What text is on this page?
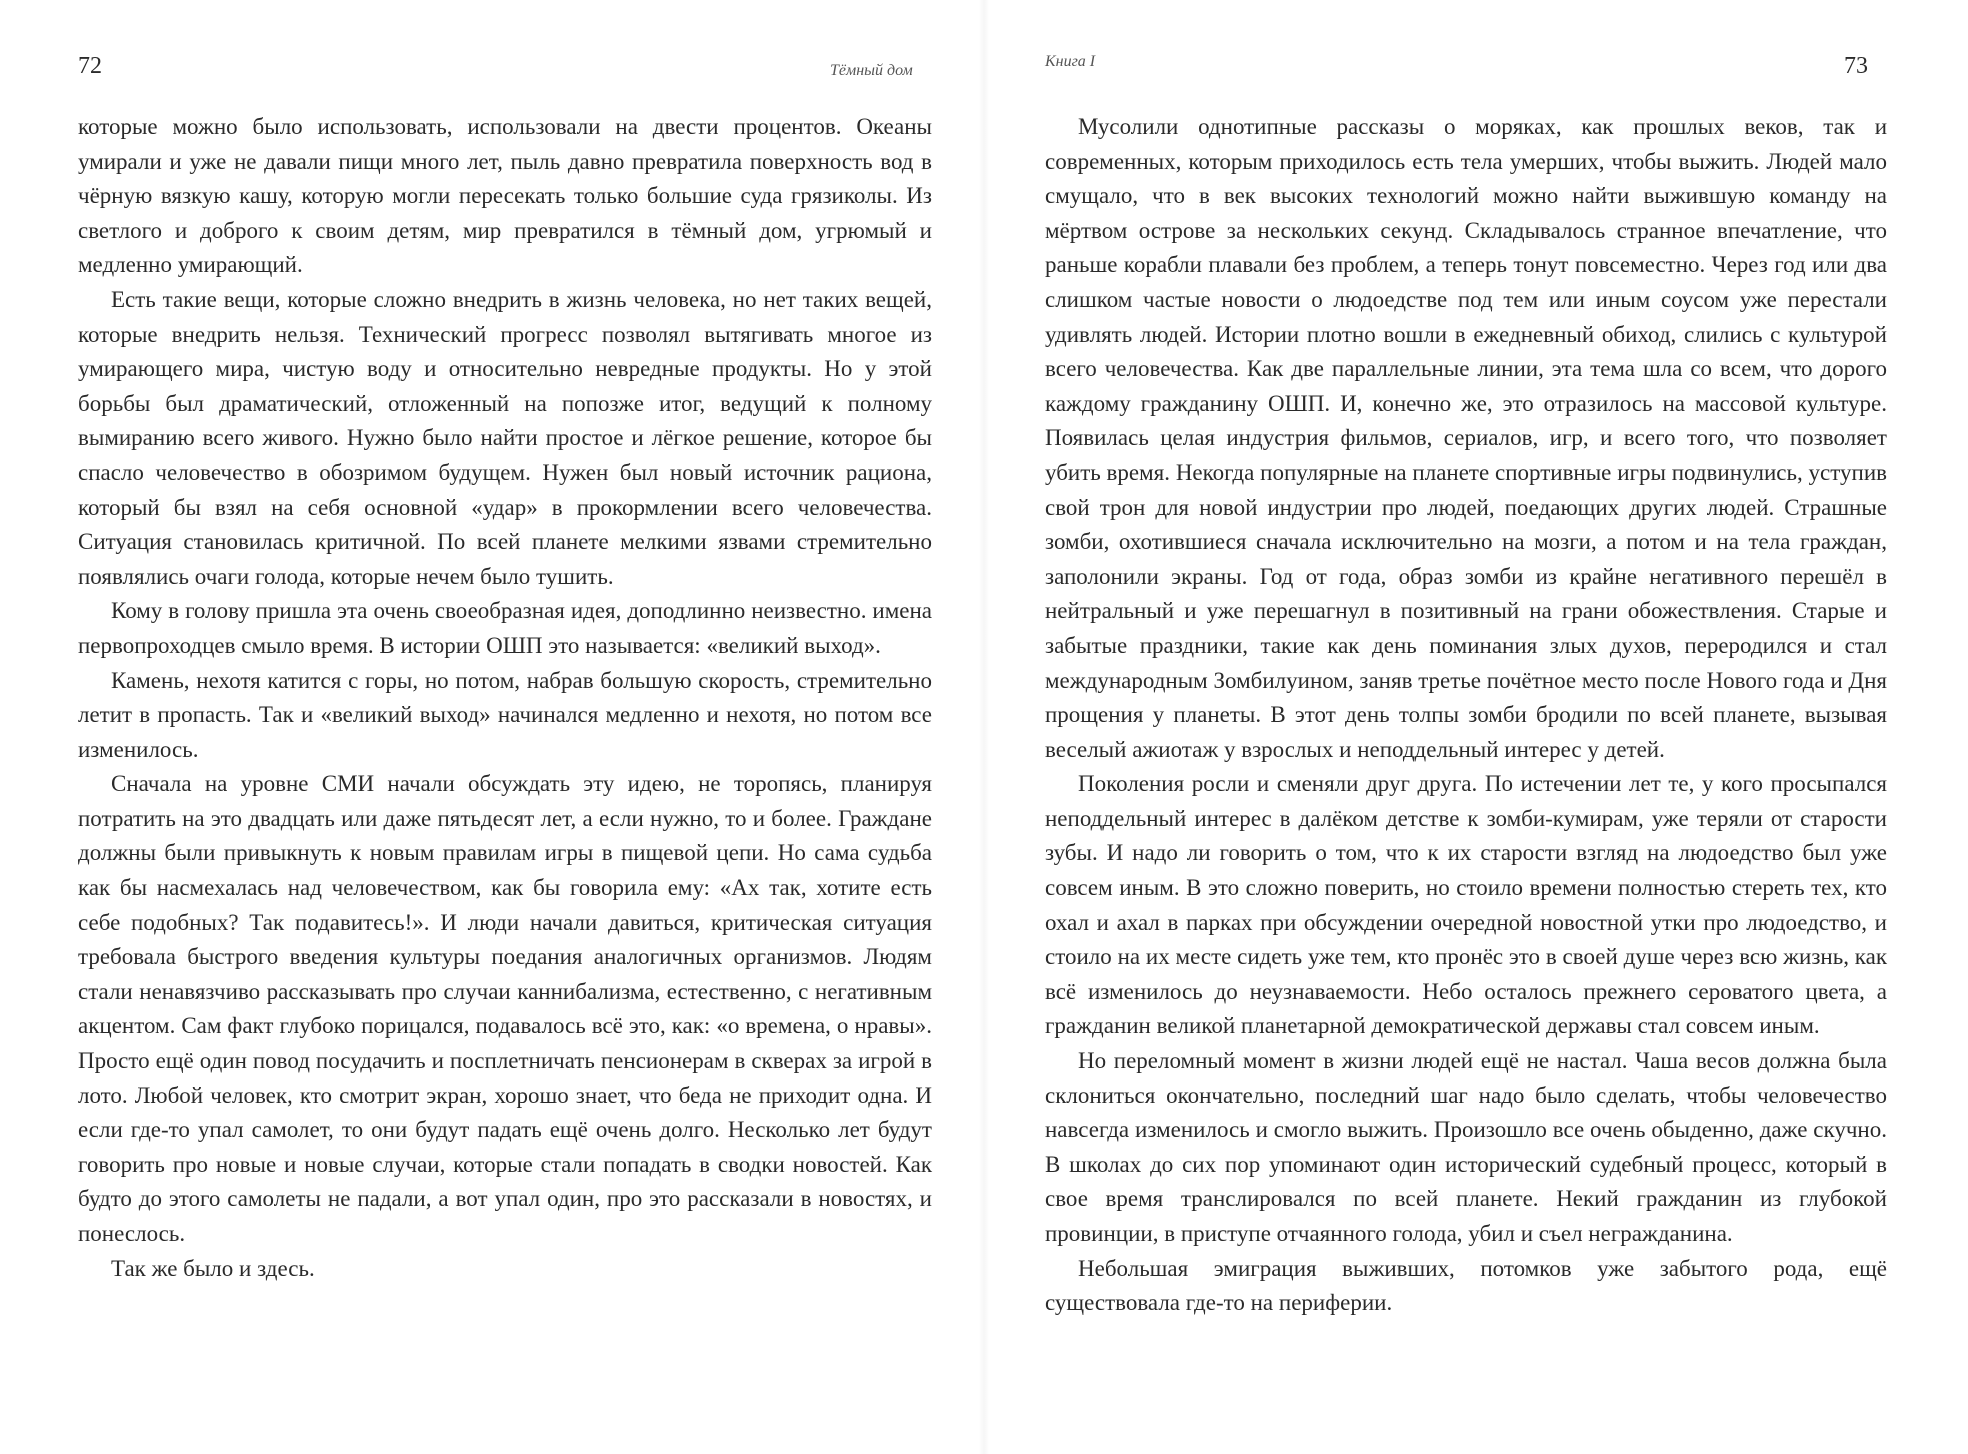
72	Тёмный дом

которые можно было использовать, использовали на двести процентов. Океаны умирали и уже не давали пищи много лет, пыль давно превратила поверхность вод в чёрную вязкую кашу, которую могли пересекать только большие суда грязиколы. Из светлого и доброго к своим детям, мир превратился в тёмный дом, угрюмый и медленно умирающий.

Есть такие вещи, которые сложно внедрить в жизнь человека, но нет таких вещей, которые внедрить нельзя. Технический прогресс позволял вытягивать многое из умирающего мира, чистую воду и относительно невредные продукты. Но у этой борьбы был драматический, отложенный на попозже итог, ведущий к полному вымиранию всего живого. Нужно было найти простое и лёгкое решение, которое бы спасло человечество в обозримом будущем. Нужен был новый источник рациона, который бы взял на себя основной «удар» в прокормлении всего человечества. Ситуация становилась критичной. По всей планете мелкими язвами стремительно появлялись очаги голода, которые нечем было тушить.

Кому в голову пришла эта очень своеобразная идея, доподлинно неизвестно. имена первопроходцев смыло время. В истории ОШП это называется: «великий выход».

Камень, нехотя катится с горы, но потом, набрав большую скорость, стремительно летит в пропасть. Так и «великий выход» начинался медленно и нехотя, но потом все изменилось.

Сначала на уровне СМИ начали обсуждать эту идею, не торопясь, планируя потратить на это двадцать или даже пятьдесят лет, а если нужно, то и более. Граждане должны были привыкнуть к новым правилам игры в пищевой цепи. Но сама судьба как бы насмехалась над человечеством, как бы говорила ему: «Ах так, хотите есть себе подобных? Так подавитесь!». И люди начали давиться, критическая ситуация требовала быстрого введения культуры поедания аналогичных организмов. Людям стали ненавязчиво рассказывать про случаи каннибализма, естественно, с негативным акцентом. Сам факт глубоко порицался, подавалось всё это, как: «о времена, о нравы». Просто ещё один повод посудачить и посплетничать пенсионерам в скверах за игрой в лото. Любой человек, кто смотрит экран, хорошо знает, что беда не приходит одна. И если где-то упал самолет, то они будут падать ещё очень долго. Несколько лет будут говорить про новые и новые случаи, которые стали попадать в сводки новостей. Как будто до этого самолеты не падали, а вот упал один, про это рассказали в новостях, и понеслось.

Так же было и здесь.

Книга I	73

Мусолили однотипные рассказы о моряках, как прошлых веков, так и современных, которым приходилось есть тела умерших, чтобы выжить. Людей мало смущало, что в век высоких технологий можно найти выжившую команду на мёртвом острове за нескольких секунд. Складывалось странное впечатление, что раньше корабли плавали без проблем, а теперь тонут повсеместно. Через год или два слишком частые новости о людоедстве под тем или иным соусом уже перестали удивлять людей. Истории плотно вошли в ежедневный обиход, слились с культурой всего человечества. Как две параллельные линии, эта тема шла со всем, что дорого каждому гражданину ОШП. И, конечно же, это отразилось на массовой культуре. Появилась целая индустрия фильмов, сериалов, игр, и всего того, что позволяет убить время. Некогда популярные на планете спортивные игры подвинулись, уступив свой трон для новой индустрии про людей, поедающих других людей. Страшные зомби, охотившиеся сначала исключительно на мозги, а потом и на тела граждан, заполонили экраны. Год от года, образ зомби из крайне негативного перешёл в нейтральный и уже перешагнул в позитивный на грани обожествления. Старые и забытые праздники, такие как день поминания злых духов, переродился и стал международным Зомбилуином, заняв третье почётное место после Нового года и Дня прощения у планеты. В этот день толпы зомби бродили по всей планете, вызывая веселый ажиотаж у взрослых и неподдельный интерес у детей.

Поколения росли и сменяли друг друга. По истечении лет те, у кого просыпался неподдельный интерес в далёком детстве к зомби-кумирам, уже теряли от старости зубы. И надо ли говорить о том, что к их старости взгляд на людоедство был уже совсем иным. В это сложно поверить, но стоило времени полностью стереть тех, кто охал и ахал в парках при обсуждении очередной новостной утки про людоедство, и стоило на их месте сидеть уже тем, кто пронёс это в своей душе через всю жизнь, как всё изменилось до неузнаваемости. Небо осталось прежнего сероватого цвета, а гражданин великой планетарной демократической державы стал совсем иным.

Но переломный момент в жизни людей ещё не настал. Чаша весов должна была склониться окончательно, последний шаг надо было сделать, чтобы человечество навсегда изменилось и смогло выжить. Произошло все очень обыденно, даже скучно. В школах до сих пор упоминают один исторический судебный процесс, который в свое время транслировался по всей планете. Некий гражданин из глубокой провинции, в приступе отчаянного голода, убил и съел негражданина.

Небольшая эмиграция выживших, потомков уже забытого рода, ещё существовала где-то на периферии.
